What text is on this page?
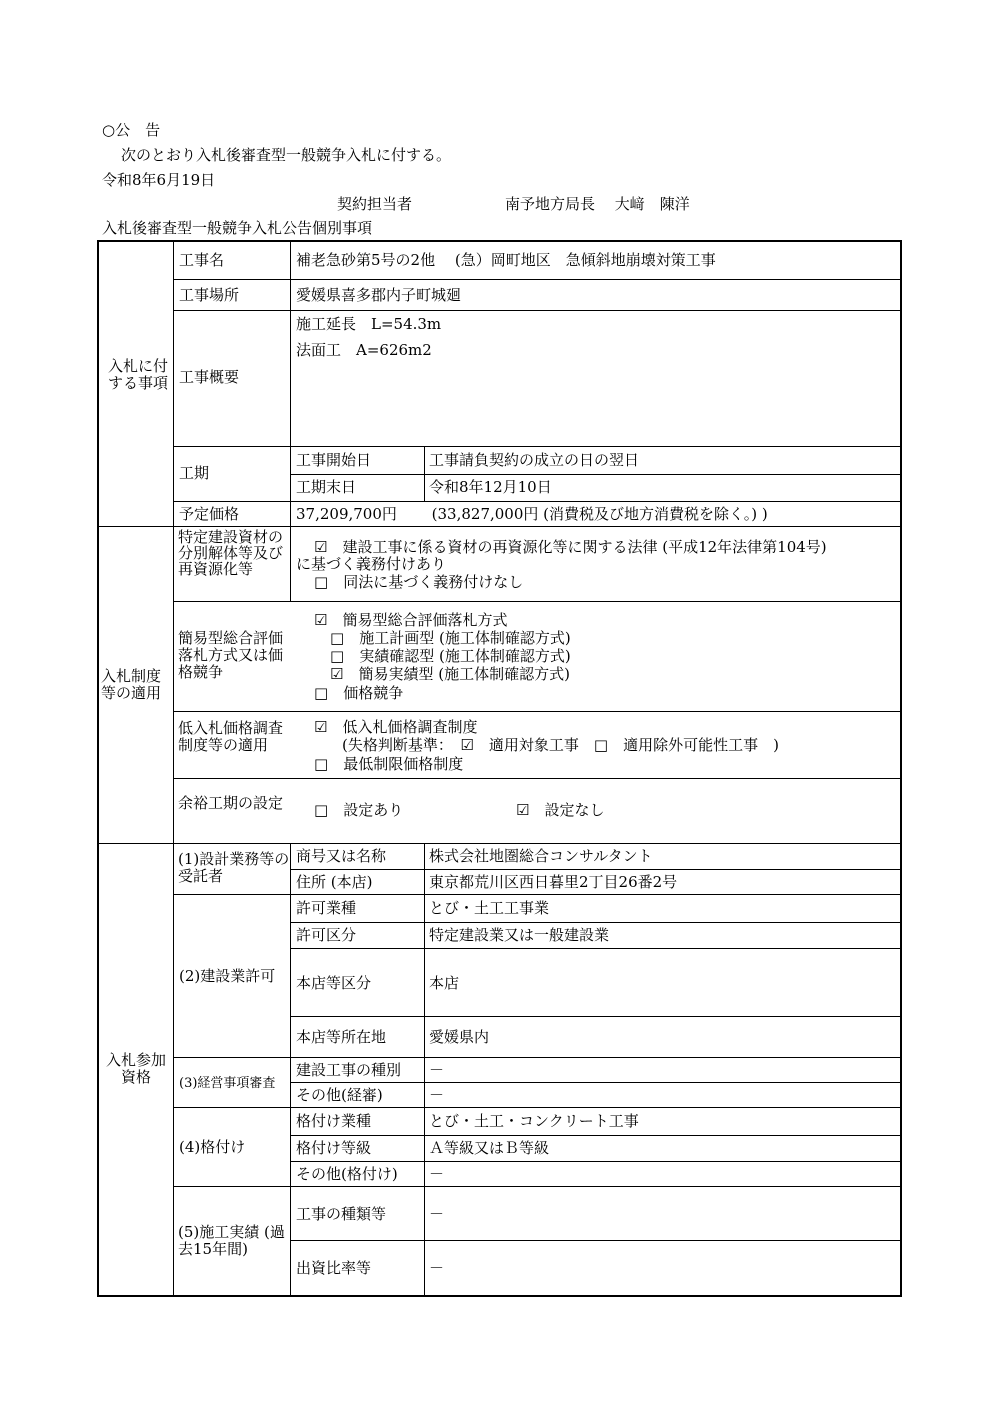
○公　告
次のとおり入札後審査型一般競争入札に付する。
令和8年6月19日
契約担当者	南予地方局長　 大﨑　陳洋
入札後審査型一般競争入札公告個別事項
入札に付する事項
工事名	補老急砂第5号の2他　 (急）岡町地区　急傾斜地崩壊対策工事
工事場所	愛媛県喜多郡内子町城廻
工事概要
施工延長　L=54.3m
法面工　A=626m2
工期
工事開始日	工事請負契約の成立の日の翌日
工期末日	令和8年12月10日
予定価格	37,209,700円　　 (33,827,000円 (消費税及び地方消費税を除く。) )
入札制度等の適用
特定建設資材の分別解体等及び再資源化等
☑　 建設工事に係る資材の再資源化等に関する法律 (平成12年法律第104号)
に基づく義務付けあり
□　 同法に基づく義務付けなし
簡易型総合評価落札方式又は価格競争
☑　 簡易型総合評価落札方式
□　 施工計画型 (施工体制確認方式)
□　 実績確認型 (施工体制確認方式)
☑　 簡易実績型 (施工体制確認方式)
□　 価格競争
低入札価格調査制度等の適用
☑　 低入札価格調査制度
(失格判断基準：　 ☑　 適用対象工事　 □　 適用除外可能性工事　)
□　 最低制限価格制度
余裕工期の設定	□　 設定あり	☑　 設定なし
入札参加資格
(1)設計業務等の受託者
商号又は名称	株式会社地圏総合コンサルタント
住所 (本店)	東京都荒川区西日暮里2丁目26番2号
(2)建設業許可
許可業種	とび・土工工事業
許可区分	特定建設業又は一般建設業
本店等区分	本店
本店等所在地	愛媛県内
(3)経営事項審査
建設工事の種別 －
その他(経審)	－
(4)格付け
格付け業種	とび・土工・コンクリート工事
格付け等級	Ａ等級又はＢ等級
その他(格付け) －
(5)施工実績 (過去15年間)
工事の種類等	－
出資比率等	－
